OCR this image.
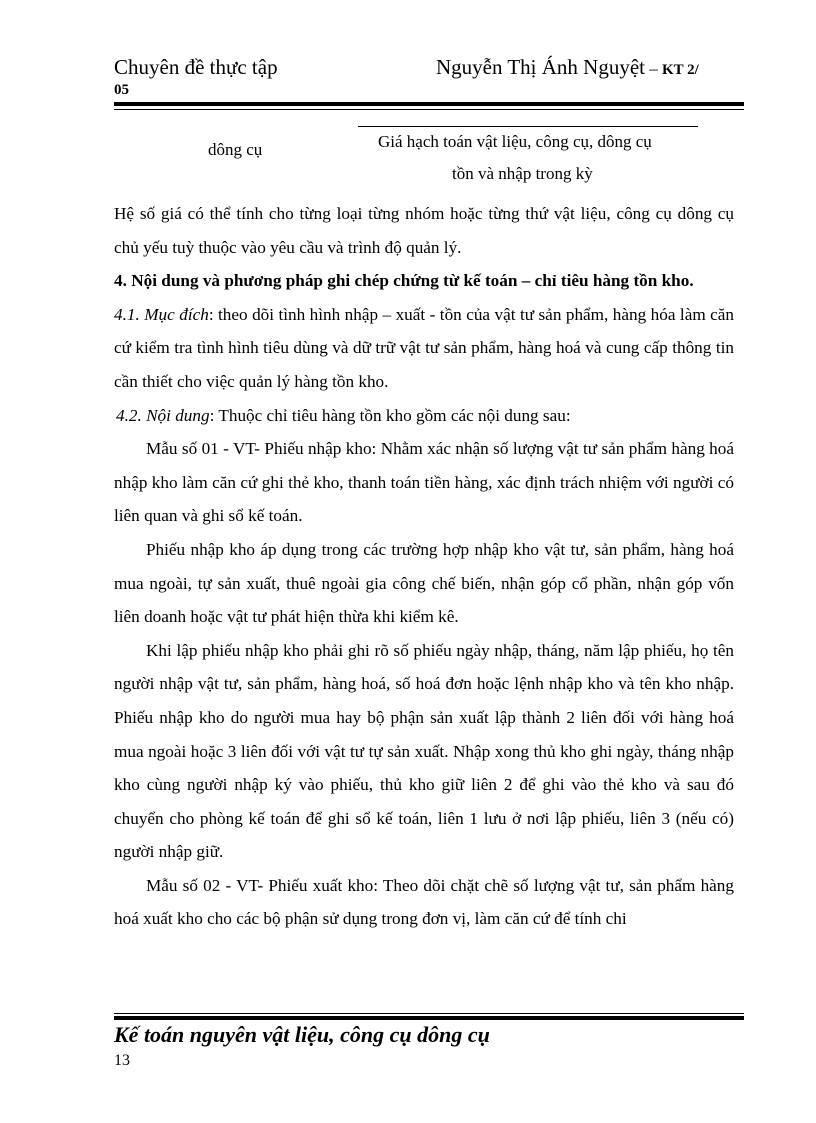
Chuyên đề thực tập	Nguyễn Thị Ánh Nguyệt – KT 2/
05
dông cụ	Giá hạch toán vật liệu, công cụ, dông cụ
tồn và nhập trong kỳ

Hệ số giá có thể tính cho từng loại từng nhóm hoặc từng thứ vật liệu, công cụ dông cụ chủ yếu tuỳ thuộc vào yêu cầu và trình độ quản lý.

4. Nội dung và phương pháp ghi chép chứng từ kế toán – chỉ tiêu hàng tồn kho.

4.1. Mục đích: theo dõi tình hình nhập – xuất - tồn của vật tư sản phẩm, hàng hóa làm căn cứ kiểm tra tình hình tiêu dùng và dữ trữ vật tư sản phẩm, hàng hoá và cung cấp thông tin cần thiết cho việc quản lý hàng tồn kho.

4.2. Nội dung: Thuộc chỉ tiêu hàng tồn kho gồm các nội dung sau:

Mẫu số 01 - VT- Phiếu nhập kho: Nhằm xác nhận số lượng vật tư sản phẩm hàng hoá nhập kho làm căn cứ ghi thẻ kho, thanh toán tiền hàng, xác định trách nhiệm với người có liên quan và ghi sổ kế toán.

Phiếu nhập kho áp dụng trong các trường hợp nhập kho vật tư, sản phẩm, hàng hoá mua ngoài, tự sản xuất, thuê ngoài gia công chế biến, nhận góp cổ phần, nhận góp vốn liên doanh hoặc vật tư phát hiện thừa khi kiểm kê.

Khi lập phiếu nhập kho phải ghi rõ số phiếu ngày nhập, tháng, năm lập phiếu, họ tên người nhập vật tư, sản phẩm, hàng hoá, số hoá đơn hoặc lệnh nhập kho và tên kho nhập. Phiếu nhập kho do người mua hay bộ phận sản xuất lập thành 2 liên đối với hàng hoá mua ngoài hoặc 3 liên đối với vật tư tự sản xuất. Nhập xong thủ kho ghi ngày, tháng nhập kho cùng người nhập ký vào phiếu, thủ kho giữ liên 2 để ghi vào thẻ kho và sau đó chuyển cho phòng kế toán để ghi sổ kế toán, liên 1 lưu ở nơi lập phiếu, liên 3 (nếu có) người nhập giữ.

Mẫu số 02 - VT- Phiếu xuất kho: Theo dõi chặt chẽ số lượng vật tư, sản phẩm hàng hoá xuất kho cho các bộ phận sử dụng trong đơn vị, làm căn cứ để tính chi

Kế toán nguyên vật liệu, công cụ dông cụ
13
